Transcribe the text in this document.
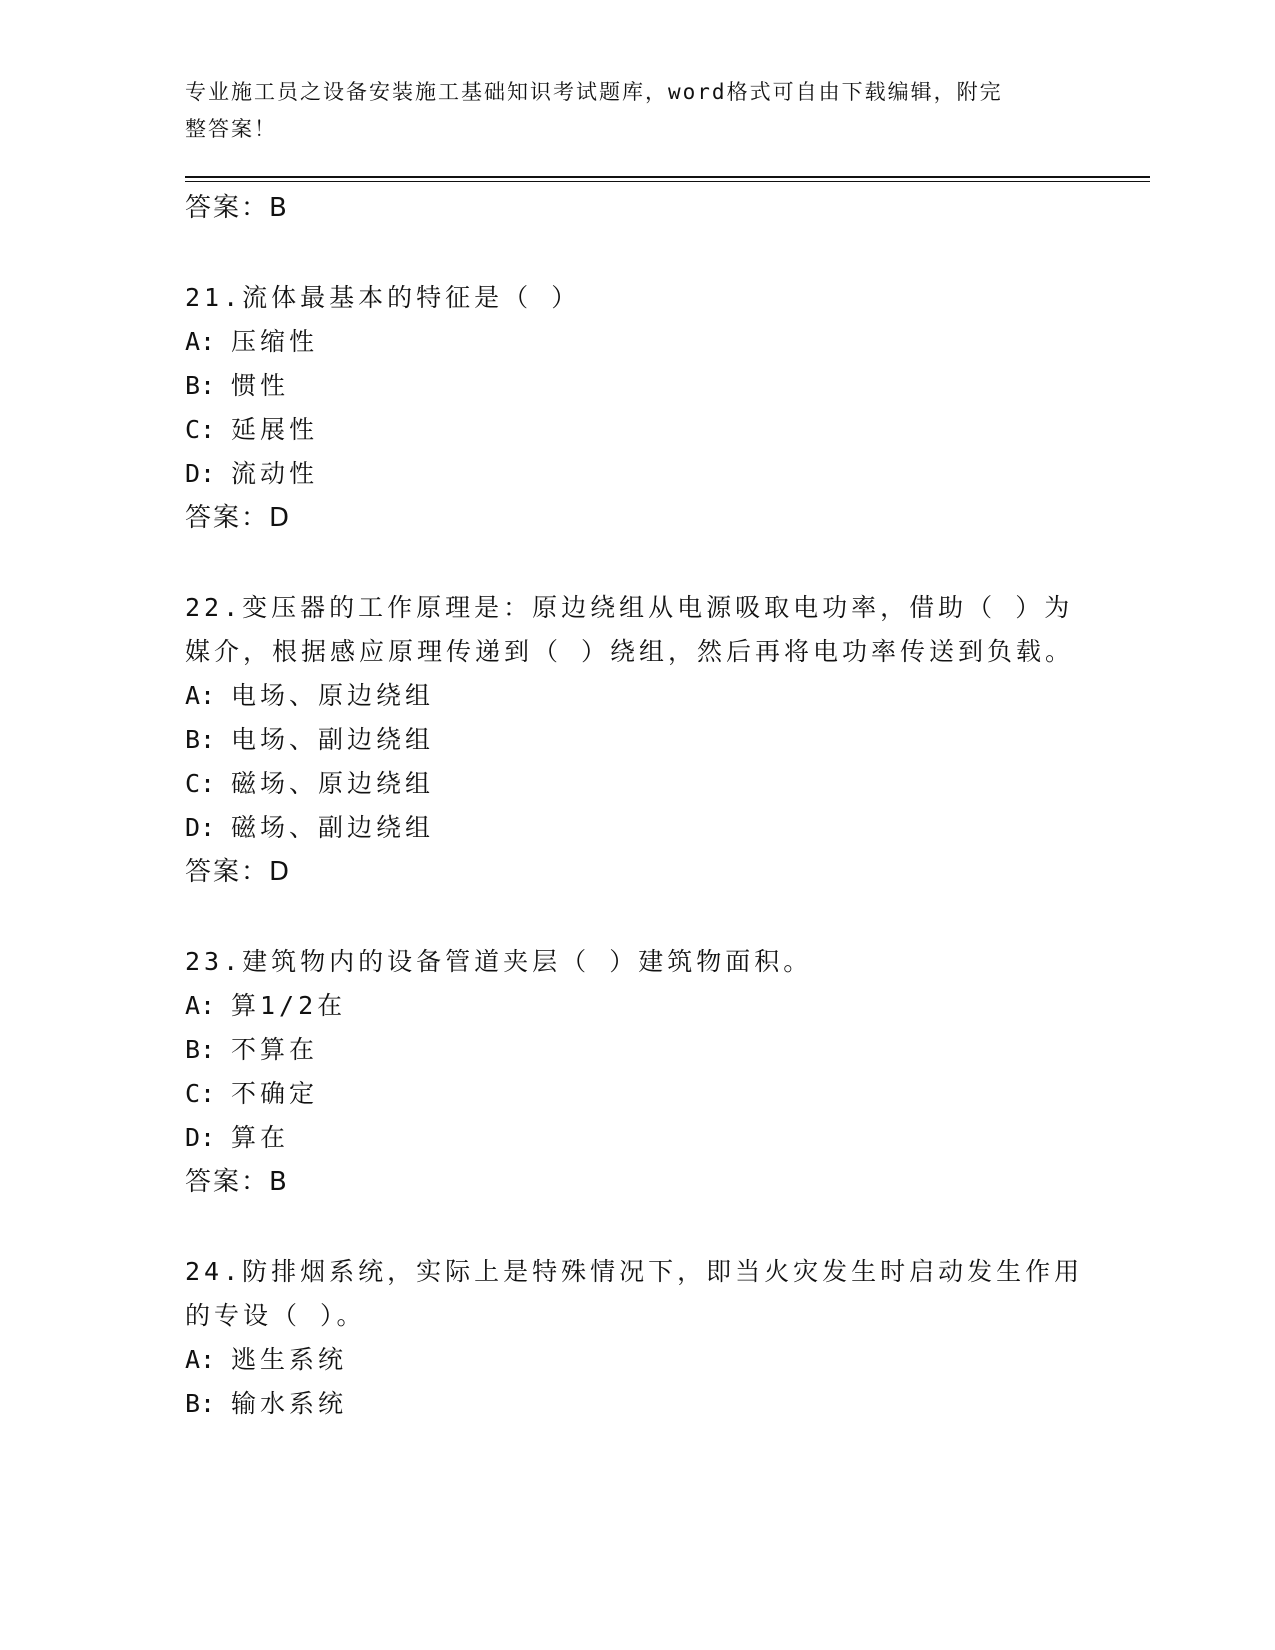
专业施工员之设备安装施工基础知识考试题库，word格式可自由下载编辑，附完
整答案！
答案：B
21.流体最基本的特征是（ ）
A: 压缩性
B: 惯性
C: 延展性
D: 流动性
答案：D
22.变压器的工作原理是：原边绕组从电源吸取电功率，借助（ ）为
媒介，根据感应原理传递到（ ）绕组，然后再将电功率传送到负载。
A: 电场、原边绕组
B: 电场、副边绕组
C: 磁场、原边绕组
D: 磁场、副边绕组
答案：D
23.建筑物内的设备管道夹层（ ）建筑物面积。
A: 算1/2在
B: 不算在
C: 不确定
D: 算在
答案：B
24.防排烟系统，实际上是特殊情况下，即当火灾发生时启动发生作用
的专设（ ）。
A: 逃生系统
B: 输水系统
